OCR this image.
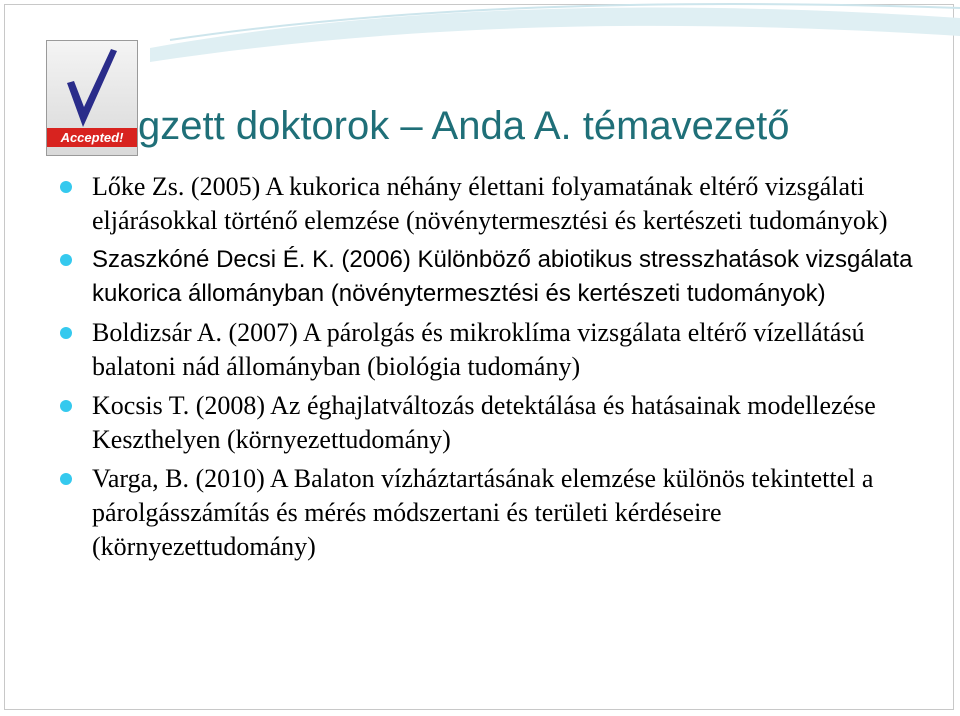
Accepted! gzett doktorok – Anda A. témavezető
Lőke Zs. (2005) A kukorica néhány élettani folyamatának eltérő vizsgálati eljárásokkal történő elemzése (növénytermesztési és kertészeti tudományok)
Szaszkóné Decsi É. K. (2006) Különböző abiotikus stresszhatások vizsgálata kukorica állományban (növénytermesztési és kertészeti tudományok)
Boldizsár A. (2007) A párolgás és mikroklíma vizsgálata eltérő vízellátású balatoni nád állományban (biológia tudomány)
Kocsis T. (2008) Az éghajlatváltozás detektálása és hatásainak modellezése Keszthelyen (környezettudomány)
Varga, B. (2010) A Balaton vízháztartásának elemzése különös tekintettel a párolgásszámítás és mérés módszertani és területi kérdéseire (környezettudomány)
